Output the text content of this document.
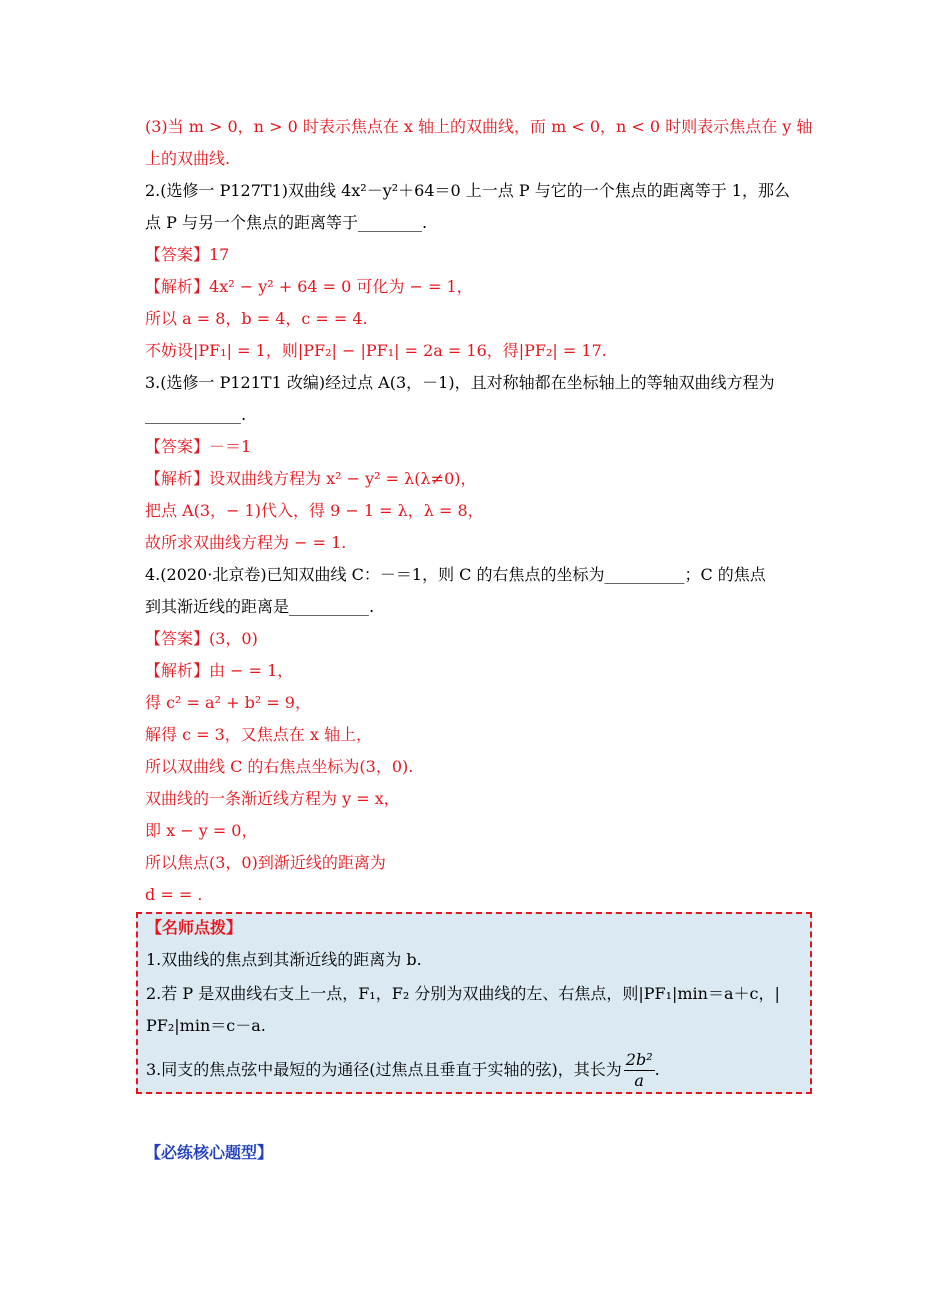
(3)当 m > 0，n > 0 时表示焦点在 x 轴上的双曲线，而 m < 0，n < 0 时则表示焦点在 y 轴
上的双曲线.
2.(选修一 P127T1)双曲线 4x²－y²＋64＝0 上一点 P 与它的一个焦点的距离等于 1，那么
点 P 与另一个焦点的距离等于________.
【答案】17
【解析】4x² − y² + 64 = 0 可化为 − = 1，
所以 a = 8，b = 4，c = = 4.
不妨设|PF₁| = 1，则|PF₂| − |PF₁| = 2a = 16，得|PF₂| = 17.
3.(选修一 P121T1 改编)经过点 A(3，－1)，且对称轴都在坐标轴上的等轴双曲线方程为
____________.
【答案】－＝1
【解析】设双曲线方程为 x² − y² = λ(λ≠0)，
把点 A(3，− 1)代入，得 9 − 1 = λ，λ = 8，
故所求双曲线方程为 − = 1.
4.(2020·北京卷)已知双曲线 C：－＝1，则 C 的右焦点的坐标为__________；C 的焦点
到其渐近线的距离是__________.
【答案】(3，0)
【解析】由 − = 1，
得 c² = a² + b² = 9，
解得 c = 3，又焦点在 x 轴上，
所以双曲线 C 的右焦点坐标为(3，0).
双曲线的一条渐近线方程为 y = x，
即 x − y = 0，
所以焦点(3，0)到渐近线的距离为
d = = .
【名师点拨】
1.双曲线的焦点到其渐近线的距离为 b.
2.若 P 是双曲线右支上一点，F₁，F₂ 分别为双曲线的左、右焦点，则|PF₁|min＝a＋c，|
PF₂|min＝c－a.
3.同支的焦点弦中最短的为通径(过焦点且垂直于实轴的弦)，其长为 $\frac{\text{2b²}}{a}$ .
【必练核心题型】
